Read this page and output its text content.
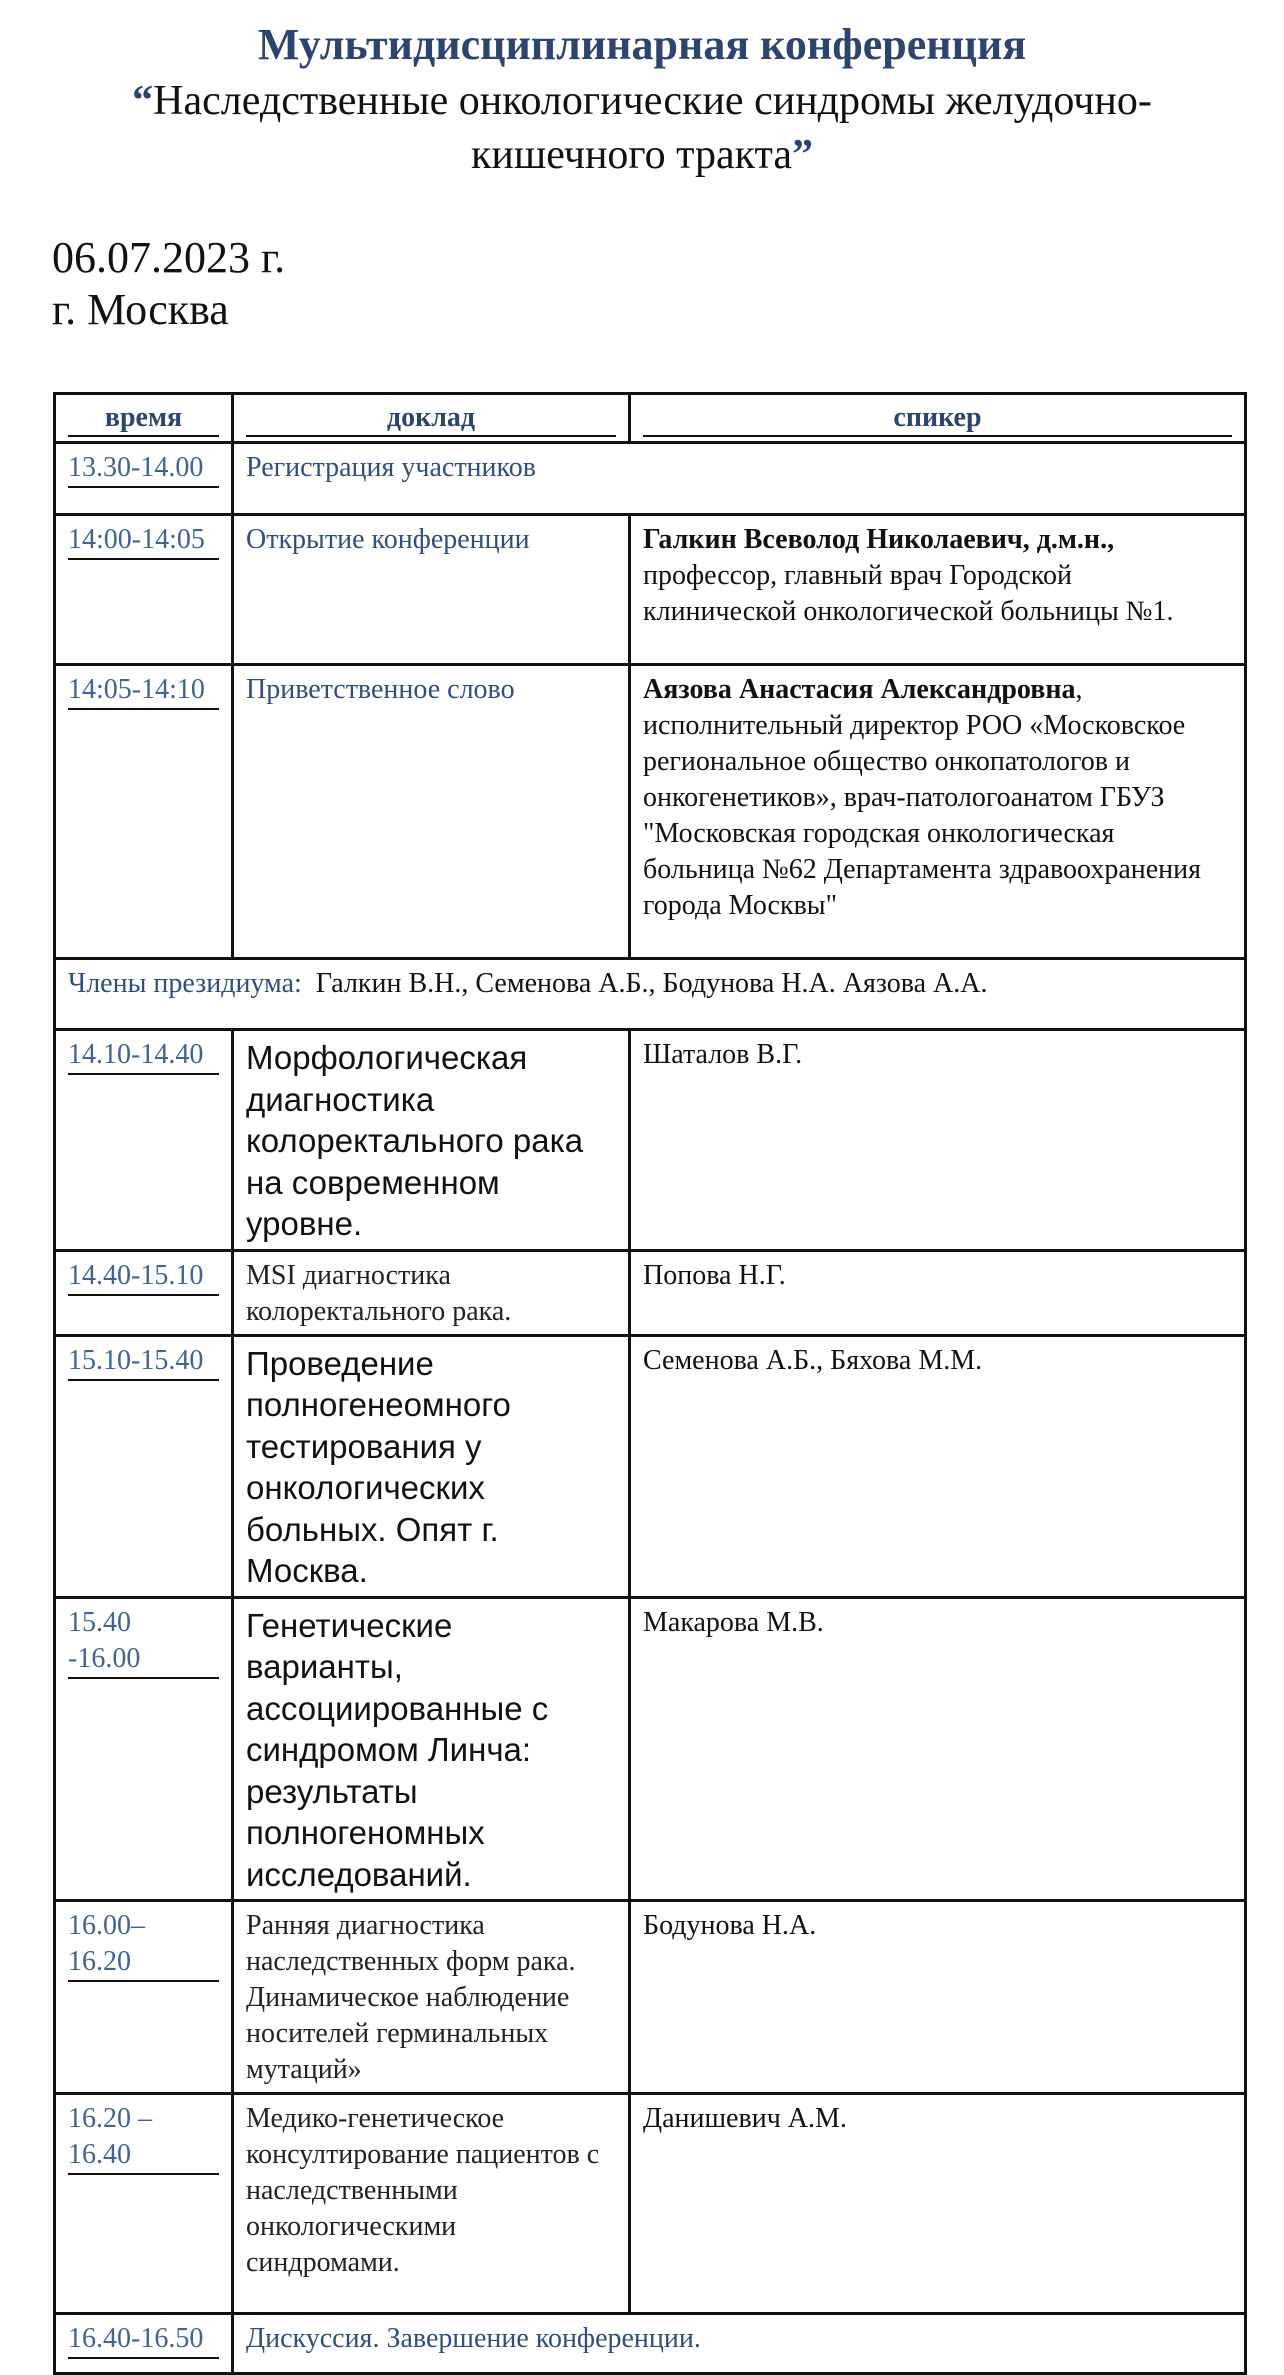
Мультидисциплинарная конференция

“Наследственные онкологические синдромы желудочно-кишечного тракта”

06.07.2023 г.
г. Москва
время	доклад	спикер

13.30-14.00	Регистрация участников	

14:00-14:05	Открытие конференции	Галкин Всеволод Николаевич, д.м.н., профессор, главный врач Городской клинической онкологической больницы №1.

14:05-14:10	Приветственное слово	Аязова Анастасия Александровна, исполнительный директор РОО «Московское региональное общество онкопатологов и онкогенетиков», врач-патологоанатом ГБУЗ "Московская городская онкологическая больница №62 Департамента здравоохранения города Москвы"

Члены президиума: Галкин В.Н., Семенова А.Б., Бодунова Н.А. Аязова А.А.		

14.10-14.40	Морфологическая диагностика колоректального рака на современном уровне.	Шаталов В.Г.

14.40-15.10	MSI диагностика колоректального рака.	Попова Н.Г.

15.10-15.40	Проведение полногенеомного тестирования у онкологических больных. Опят г. Москва.	Семенова А.Б., Бяхова М.М.

15.40
-16.00	Генетические варианты, ассоциированные с синдромом Линча: результаты полногеномных исследований.	Макарова М.В.

16.00–
16.20	Ранняя диагностика наследственных форм рака. Динамическое наблюдение носителей герминальных мутаций»	Бодунова Н.А.

16.20 –
16.40	Медико-генетическое консултирование пациентов с наследственными онкологическими синдромами.	Данишевич А.М.

16.40-16.50	Дискуссия. Завершение конференции.	
